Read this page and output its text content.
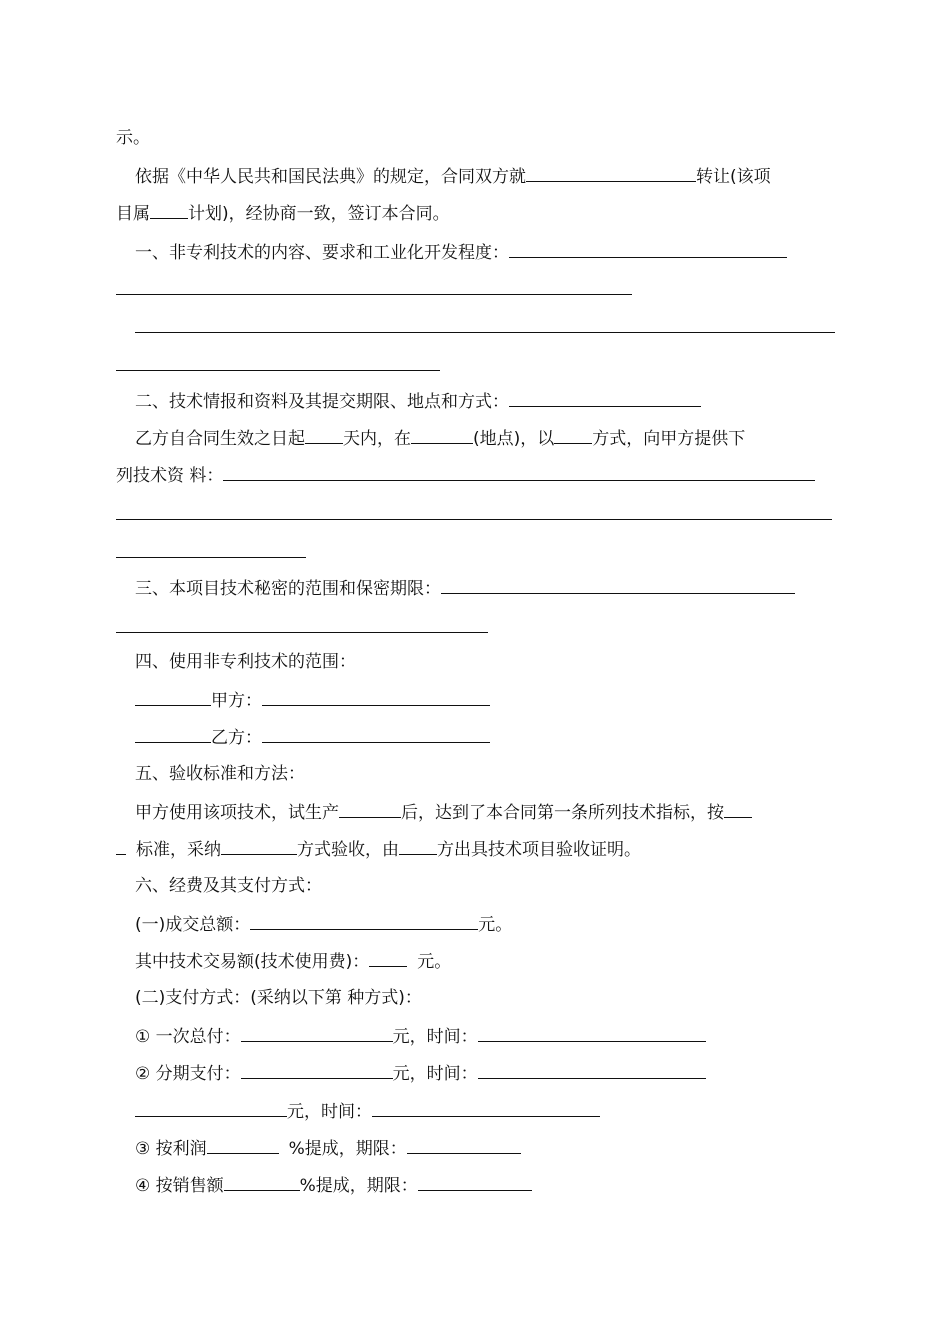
示。
依据《中华人民共和国民法典》的规定，合同双方就	转让(该项
目属 计划)，经协商一致，签订本合同。
一、非专利技术的内容、要求和工业化开发程度：
二、技术情报和资料及其提交期限、地点和方式：
乙方自合同生效之日起 天内，在	(地点)，以 方式，向甲方提供下
列技术资 料：
三、本项目技术秘密的范围和保密期限：
四、使用非专利技术的范围：
甲方：
乙方：
五、验收标准和方法：
甲方使用该项技术，试生产	后，达到了本合同第一条所列技术指标，按
标准，采纳	方式验收，由 方出具技术项目验收证明。
六、经费及其支付方式：
(一)成交总额：	元。
其中技术交易额(技术使用费)：	元。
(二)支付方式：(采纳以下第 种方式)：
① 一次总付：	元，时间：
② 分期支付：	元，时间：
元，时间：
③ 按利润	%提成，期限：
④ 按销售额	%提成，期限：
